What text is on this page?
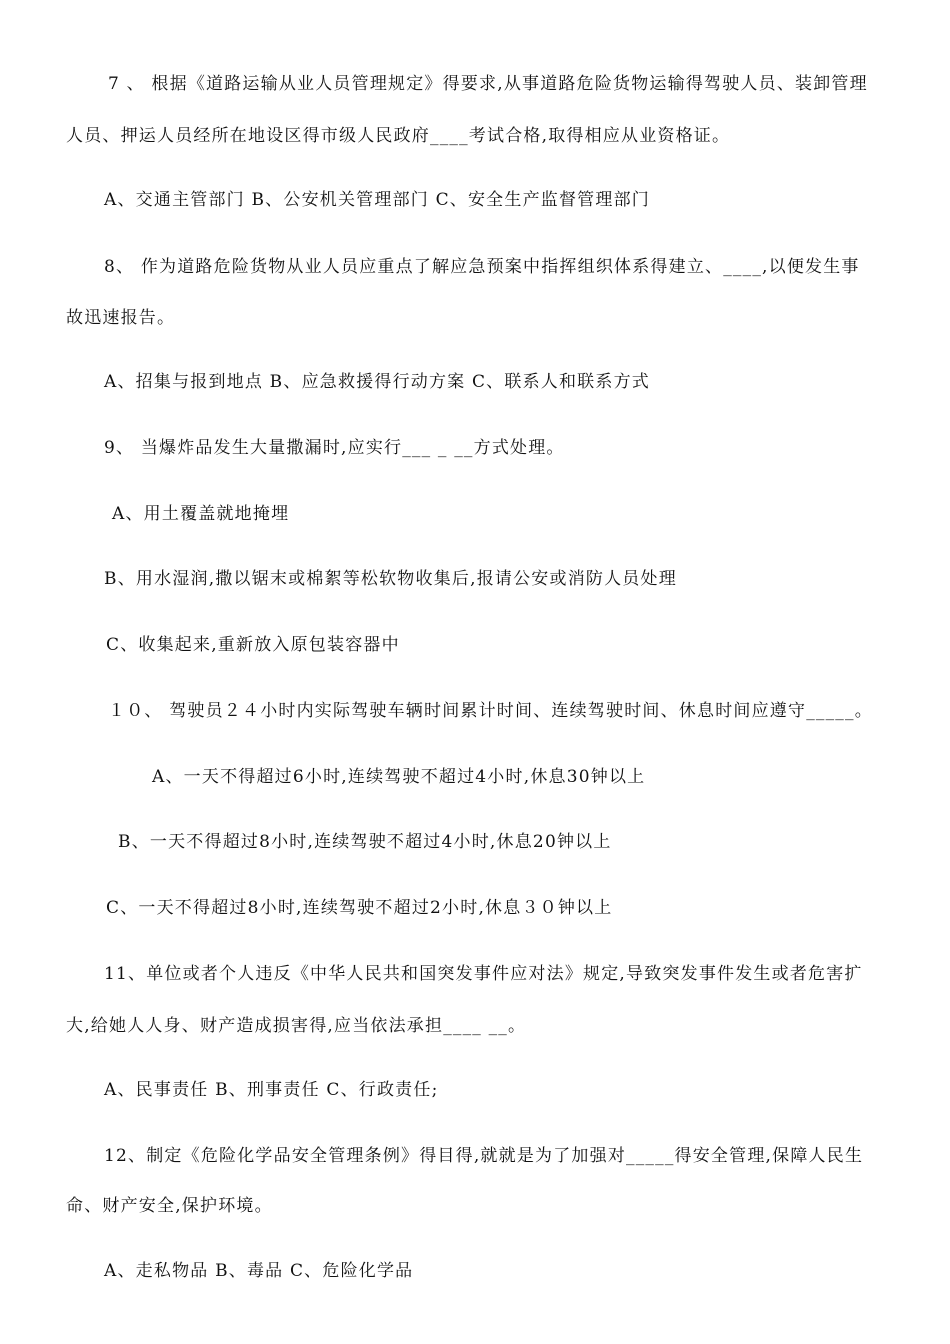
7 、 根据《道路运输从业人员管理规定》得要求,从事道路危险货物运输得驾驶人员、装卸管理
人员、押运人员经所在地设区得市级人民政府____考试合格,取得相应从业资格证。
A、交通主管部门 B、公安机关管理部门 C、安全生产监督管理部门
8、 作为道路危险货物从业人员应重点了解应急预案中指挥组织体系得建立、____,以便发生事
故迅速报告。
A、招集与报到地点 B、应急救援得行动方案 C、联系人和联系方式
9、 当爆炸品发生大量撒漏时,应实行___ _ __方式处理。
A、用土覆盖就地掩埋
B、用水湿润,撒以锯末或棉絮等松软物收集后,报请公安或消防人员处理
C、收集起来,重新放入原包装容器中
１０、 驾驶员２４小时内实际驾驶车辆时间累计时间、连续驾驶时间、休息时间应遵守_____。
A、一天不得超过6小时,连续驾驶不超过4小时,休息30钟以上
B、一天不得超过8小时,连续驾驶不超过4小时,休息20钟以上
C、一天不得超过8小时,连续驾驶不超过2小时,休息３０钟以上
11、单位或者个人违反《中华人民共和国突发事件应对法》规定,导致突发事件发生或者危害扩
大,给她人人身、财产造成损害得,应当依法承担____ __。
A、民事责任 B、刑事责任 C、行政责任;
12、制定《危险化学品安全管理条例》得目得,就就是为了加强对_____得安全管理,保障人民生
命、财产安全,保护环境。
A、走私物品 B、毒品 C、危险化学品
